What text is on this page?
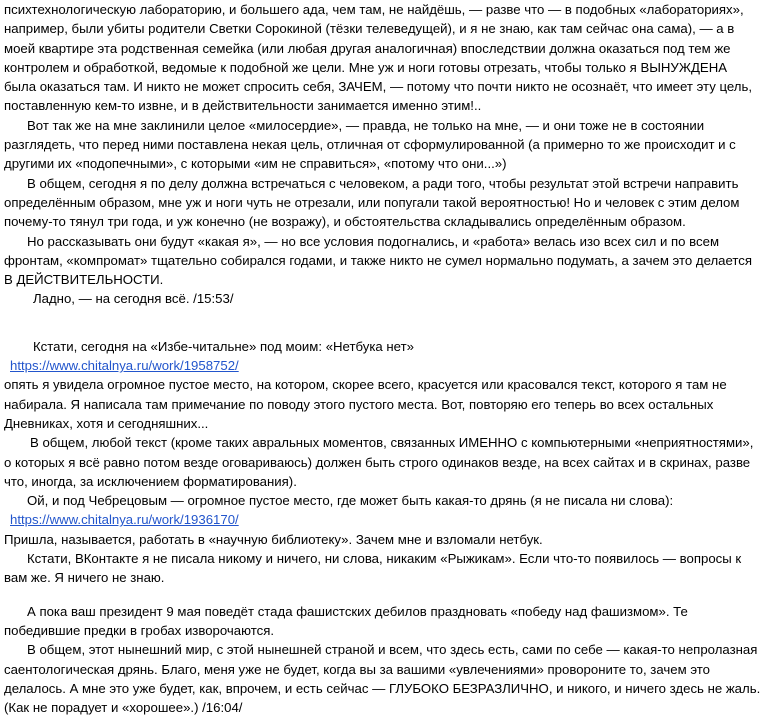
психтехнологическую лабораторию, и большего ада, чем там, не найдёшь, — разве что — в подобных «лабораториях», например, были убиты родители Светки Сорокиной (тёзки телеведущей), и я не знаю, как там сейчас она сама), — а в моей квартире эта родственная семейка (или любая другая аналогичная) впоследствии должна оказаться под тем же контролем и обработкой, ведомые к подобной же цели. Мне уж и ноги готовы отрезать, чтобы только я ВЫНУЖДЕНА была оказаться там. И никто не может спросить себя, ЗАЧЕМ, — потому что почти никто не осознаёт, что имеет эту цель, поставленную кем-то извне, и в действительности занимается именно этим!..

Вот так же на мне заклинили целое «милосердие», — правда, не только на мне, — и они тоже не в состоянии разглядеть, что перед ними поставлена некая цель, отличная от сформулированной (а примерно то же происходит и с другими их «подопечными», с которыми «им не справиться», «потому что они...»)

В общем, сегодня я по делу должна встречаться с человеком, а ради того, чтобы результат этой встречи направить определённым образом, мне уж и ноги чуть не отрезали, или попугали такой вероятностью! Но и человек с этим делом почему-то тянул три года, и уж конечно (не возражу), и обстоятельства складывались определённым образом.

Но рассказывать они будут «какая я», — но все условия подогнались, и «работа» велась изо всех сил и по всем фронтам, «компромат» тщательно собирался годами, и также никто не сумел нормально подумать, а зачем это делается В ДЕЙСТВИТЕЛЬНОСТИ.

Ладно, — на сегодня всё. /15:53/

Кстати, сегодня на «Избе-читальне» под моим: «Нетбука нет»

https://www.chitalnya.ru/work/1958752/

опять я увидела огромное пустое место, на котором, скорее всего, красуется или красовался текст, которого я там не набирала. Я написала там примечание по поводу этого пустого места. Вот, повторяю его теперь во всех остальных Дневниках, хотя и сегодняшних...

В общем, любой текст (кроме таких авральных моментов, связанных ИМЕННО с компьютерными «неприятностями», о которых я всё равно потом везде оговариваюсь) должен быть строго одинаков везде, на всех сайтах и в скринах, разве что, иногда, за исключением форматирования).

Ой, и под Чебрецовым — огромное пустое место, где может быть какая-то дрянь (я не писала ни слова):

https://www.chitalnya.ru/work/1936170/

Пришла, называется, работать в «научную библиотеку». Зачем мне и взломали нетбук.

Кстати, ВКонтакте я не писала никому и ничего, ни слова, никаким «Рыжикам». Если что-то появилось — вопросы к вам же. Я ничего не знаю.

А пока ваш президент 9 мая поведёт стада фашистских дебилов праздновать «победу над фашизмом». Те победившие предки в гробах изворочаются.

В общем, этот нынешний мир, с этой нынешней страной и всем, что здесь есть, сами по себе — какая-то непролазная саентологическая дрянь. Благо, меня уже не будет, когда вы за вашими «увлечениями» провороните то, зачем это делалось. А мне это уже будет, как, впрочем, и есть сейчас — ГЛУБОКО БЕЗРАЗЛИЧНО, и никого, и ничего здесь не жаль. (Как не порадует и «хорошее».) /16:04/
